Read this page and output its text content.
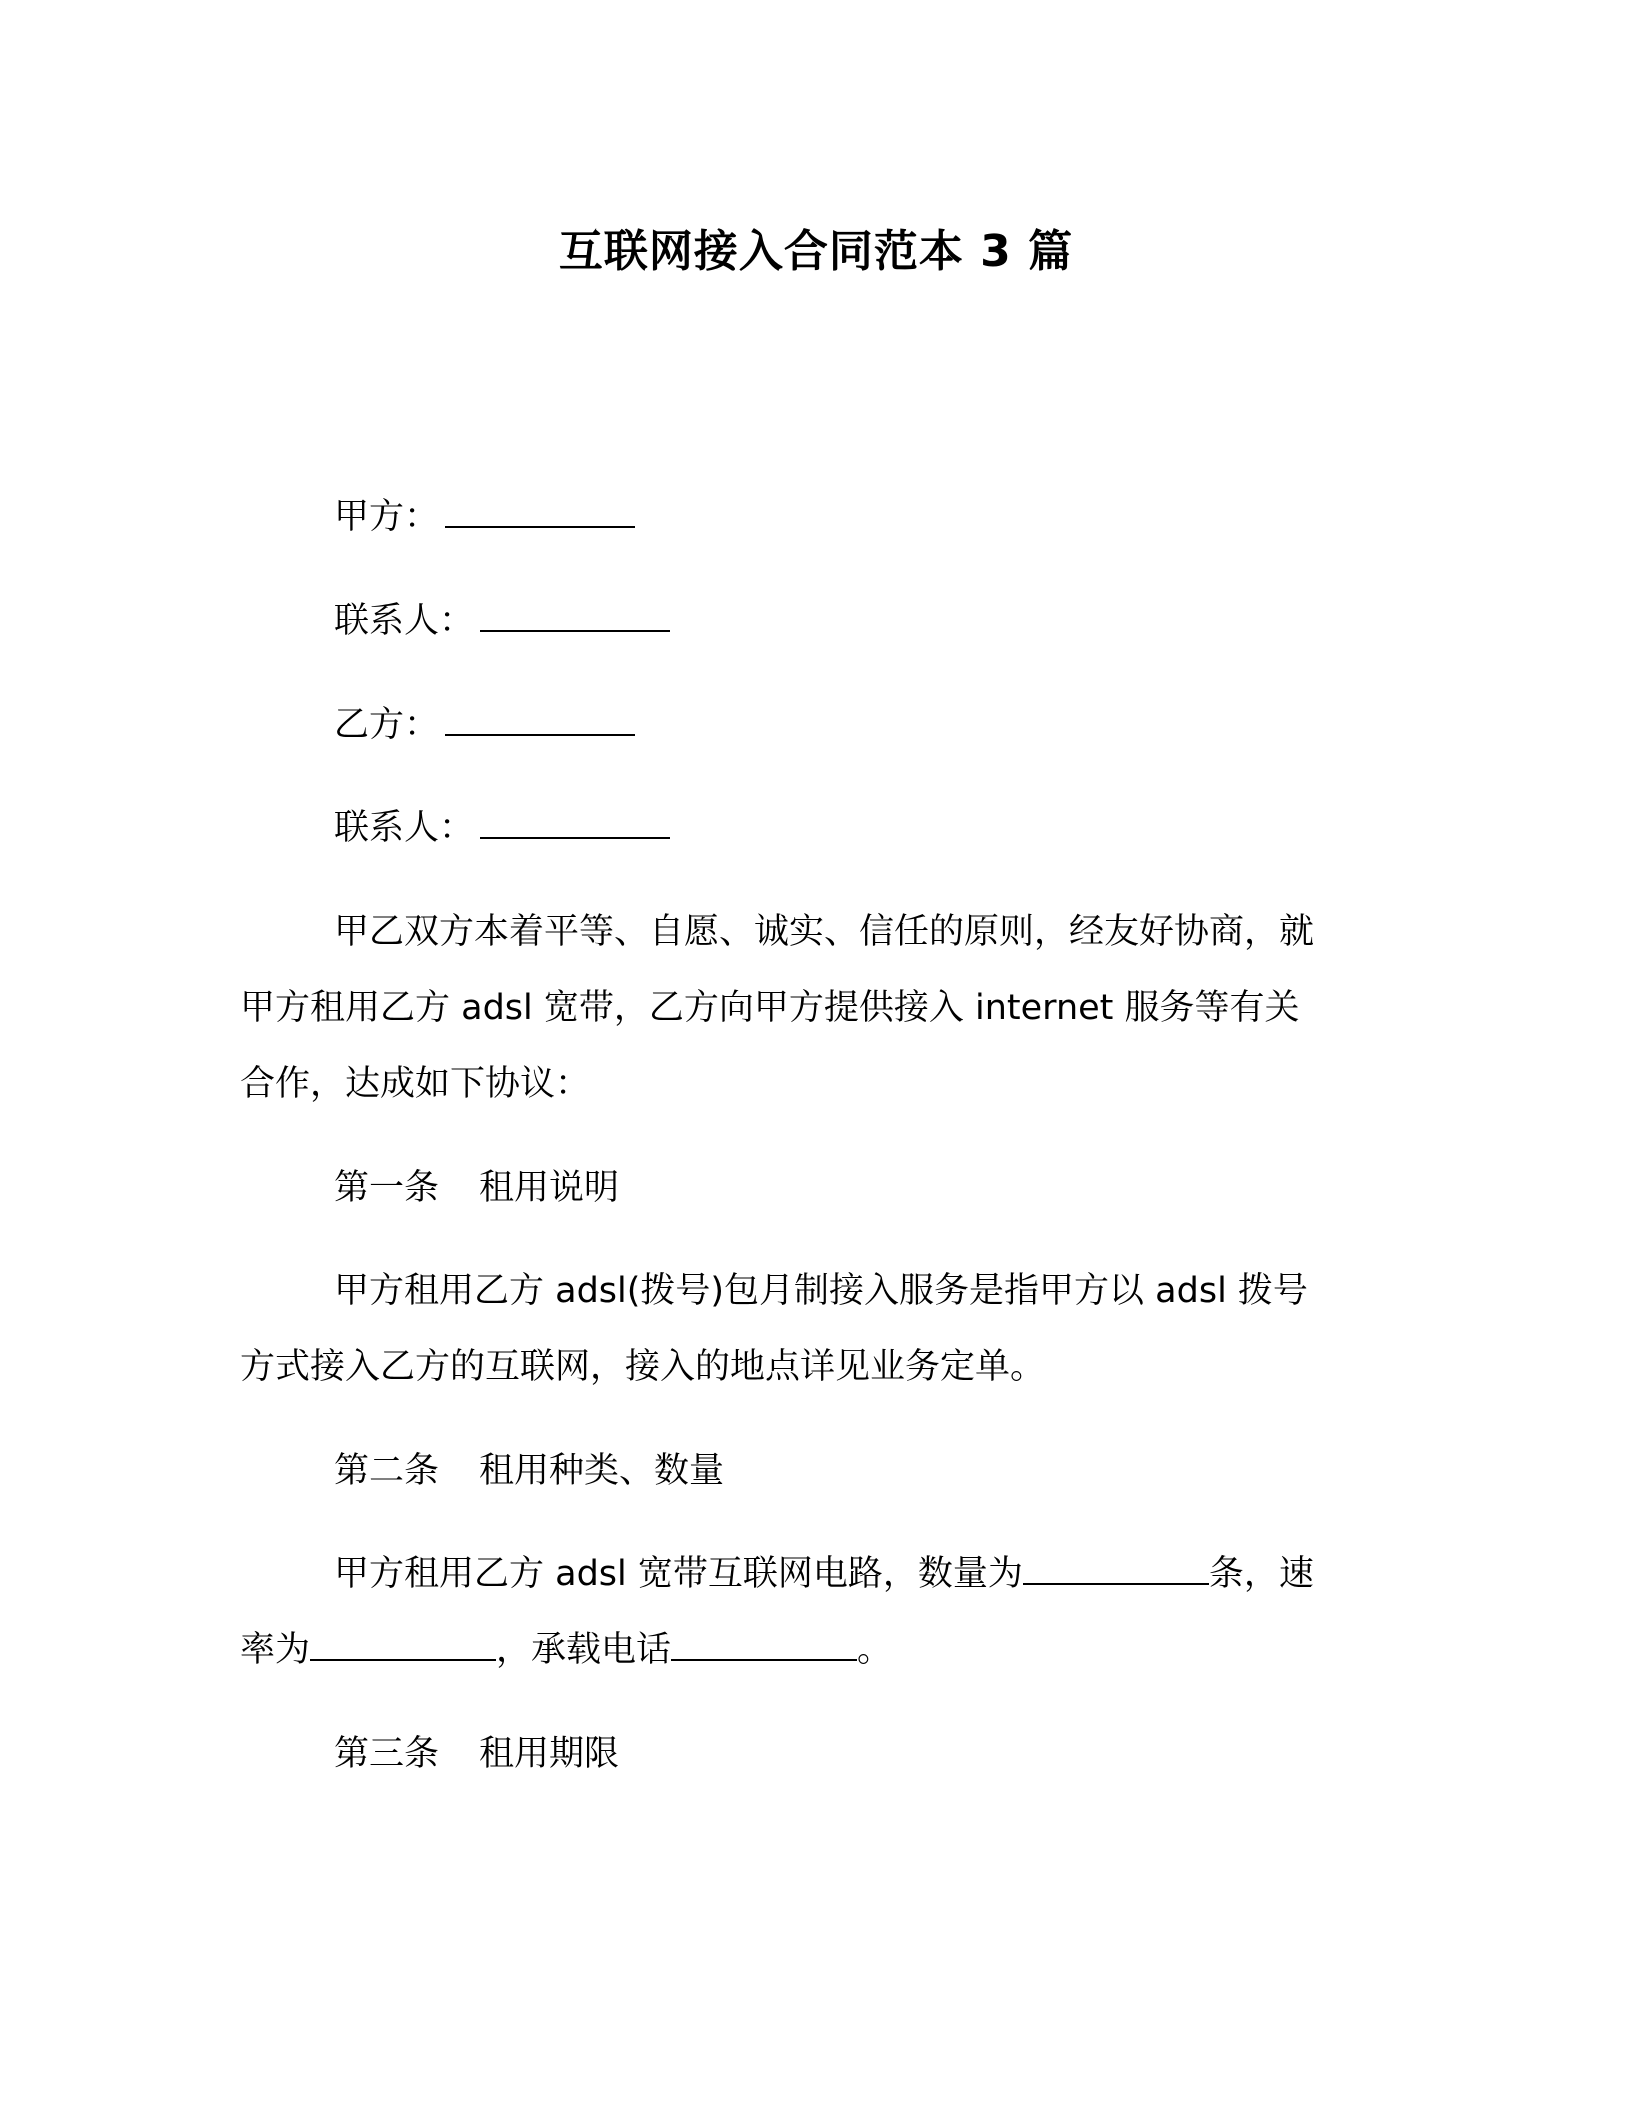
互联网接入合同范本 3 篇

甲方：

联系人：

乙方：

联系人：

甲乙双方本着平等、自愿、诚实、信任的原则，经友好协商，就

甲方租用乙方 adsl 宽带，乙方向甲方提供接入 internet 服务等有关

合作，达成如下协议：

第一条 租用说明

甲方租用乙方 adsl(拨号)包月制接入服务是指甲方以 adsl 拨号

方式接入乙方的互联网，接入的地点详见业务定单。

第二条 租用种类、数量

甲方租用乙方 adsl 宽带互联网电路，数量为	条，速

率为	，承载电话	。

第三条 租用期限
